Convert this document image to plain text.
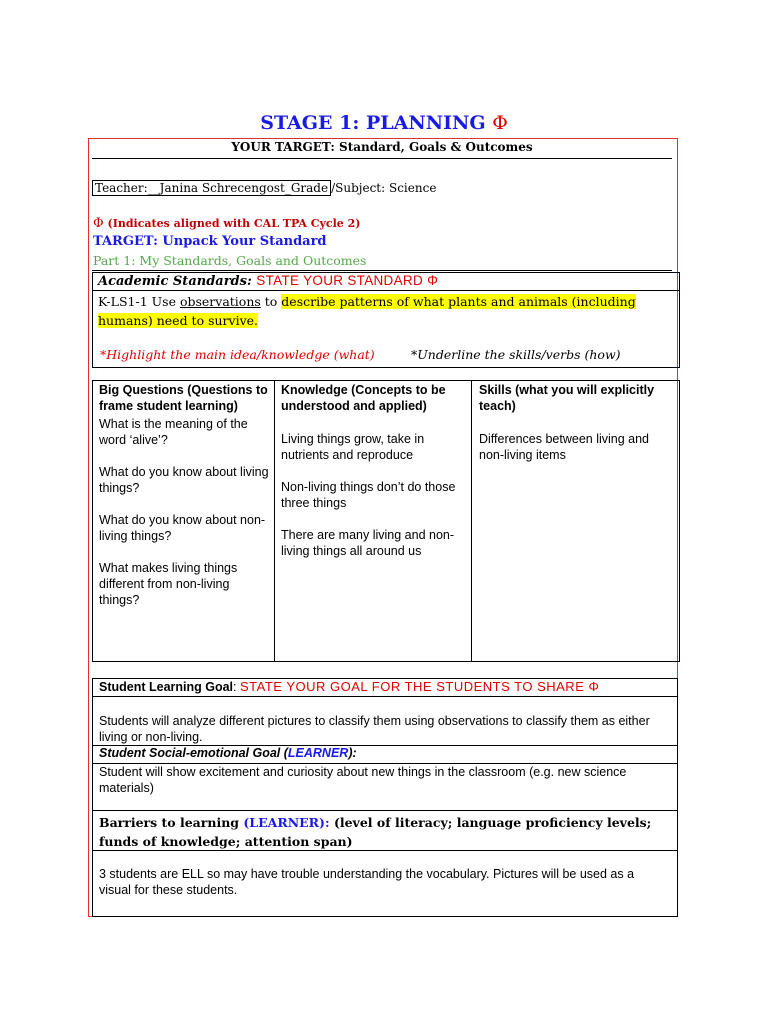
STAGE 1: PLANNING Φ
YOUR TARGET: Standard, Goals & Outcomes
Teacher:__Janina Schrecengost_Grade /Subject: Science
Φ (Indicates aligned with CAL TPA Cycle 2)
TARGET: Unpack Your Standard
Part 1: My Standards, Goals and Outcomes
Academic Standards: STATE YOUR STANDARD Φ
K-LS1-1 Use observations to describe patterns of what plants and animals (including humans) need to survive.
*Highlight the main idea/knowledge (what)	*Underline the skills/verbs (how)
Big Questions (Questions to frame student learning)
What is the meaning of the word ‘alive’?
What do you know about living things?
What do you know about non-living things?
What makes living things different from non-living things?
Knowledge (Concepts to be understood and applied)
Living things grow, take in nutrients and reproduce
Non-living things don’t do those three things
There are many living and non-living things all around us
Skills (what you will explicitly teach)
Differences between living and non-living items
Student Learning Goal: STATE YOUR GOAL FOR THE STUDENTS TO SHARE Φ
Students will analyze different pictures to classify them using observations to classify them as either living or non-living.
Student Social-emotional Goal (LEARNER):
Student will show excitement and curiosity about new things in the classroom (e.g. new science materials)
Barriers to learning (LEARNER): (level of literacy; language proficiency levels; funds of knowledge; attention span)
3 students are ELL so may have trouble understanding the vocabulary. Pictures will be used as a visual for these students.
